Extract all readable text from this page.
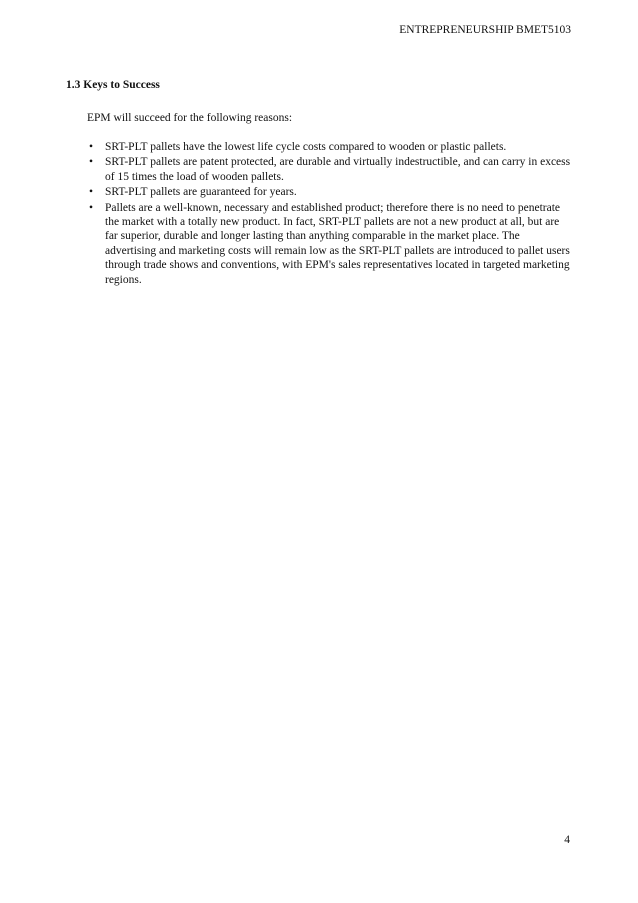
ENTREPRENEURSHIP BMET5103
1.3 Keys to Success
EPM will succeed for the following reasons:
• SRT-PLT pallets have the lowest life cycle costs compared to wooden or plastic pallets.
• SRT-PLT pallets are patent protected, are durable and virtually indestructible, and can carry in excess of 15 times the load of wooden pallets.
• SRT-PLT pallets are guaranteed for years.
• Pallets are a well-known, necessary and established product; therefore there is no need to penetrate the market with a totally new product. In fact, SRT-PLT pallets are not a new product at all, but are far superior, durable and longer lasting than anything comparable in the market place. The advertising and marketing costs will remain low as the SRT-PLT pallets are introduced to pallet users through trade shows and conventions, with EPM's sales representatives located in targeted marketing regions.
4
